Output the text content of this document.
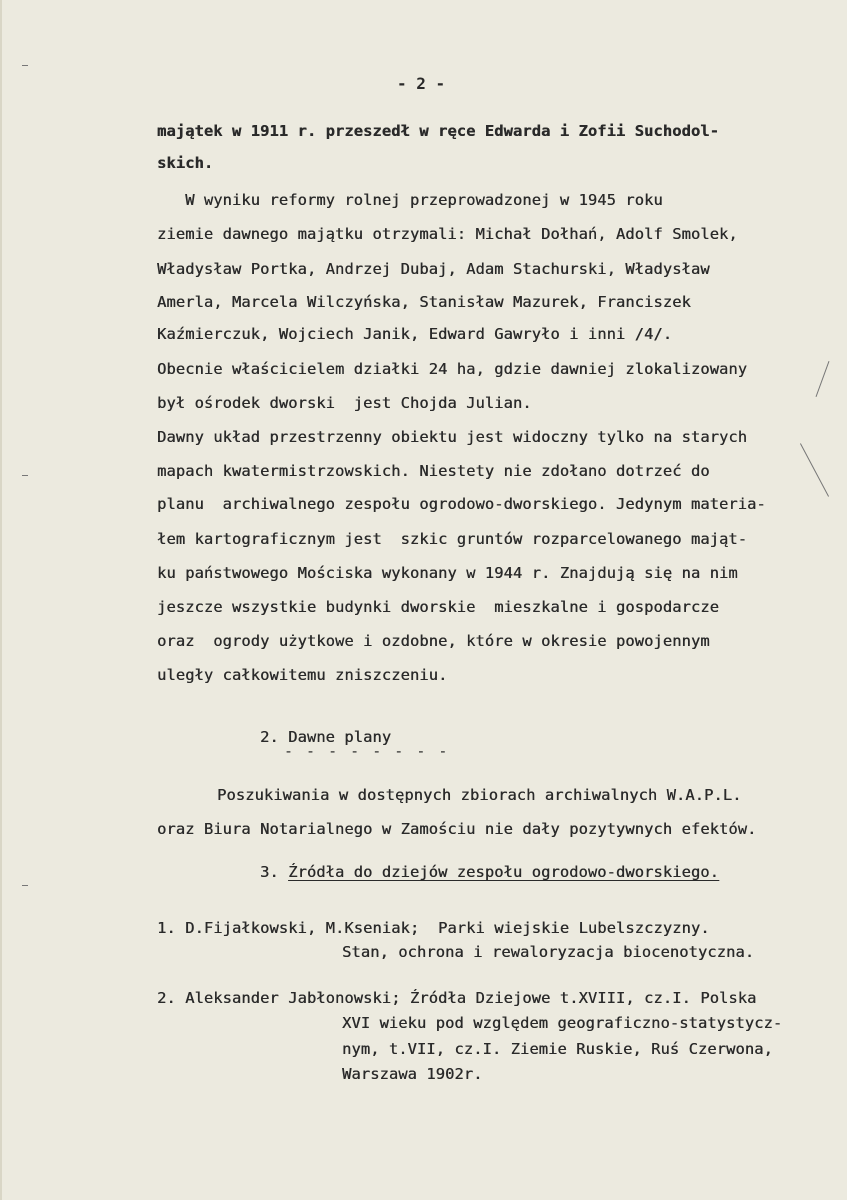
- 2 -
majątek w 1911 r. przeszedł w ręce Edwarda i Zofii Suchodol-
skich.
W wyniku reformy rolnej przeprowadzonej w 1945 roku
ziemie dawnego majątku otrzymali: Michał Dołhań, Adolf Smolek,
Władysław Portka, Andrzej Dubaj, Adam Stachurski, Władysław
Amerla, Marcela Wilczyńska, Stanisław Mazurek, Franciszek
Kaźmierczuk, Wojciech Janik, Edward Gawryło i inni /4/.
Obecnie właścicielem działki 24 ha, gdzie dawniej zlokalizowany
był ośrodek dworski  jest Chojda Julian.
Dawny układ przestrzenny obiektu jest widoczny tylko na starych
mapach kwatermistrzowskich. Niestety nie zdołano dotrzeć do
planu  archiwalnego zespołu ogrodowo-dworskiego. Jedynym materia-
łem kartograficznym jest  szkic gruntów rozparcelowanego mająt-
ku państwowego Mościska wykonany w 1944 r. Znajdują się na nim
jeszcze wszystkie budynki dworskie  mieszkalne i gospodarcze
oraz  ogrody użytkowe i ozdobne, które w okresie powojennym
uległy całkowitemu zniszczeniu.
2. Dawne plany
- - - - - - - -
Poszukiwania w dostępnych zbiorach archiwalnych W.A.P.L.
oraz Biura Notarialnego w Zamościu nie dały pozytywnych efektów.
3. Źródła do dziejów zespołu ogrodowo-dworskiego.
1. D.Fijałkowski, M.Kseniak;  Parki wiejskie Lubelszczyzny.
Stan, ochrona i rewaloryzacja biocenotyczna.
2. Aleksander Jabłonowski; Źródła Dziejowe t.XVIII, cz.I. Polska
XVI wieku pod względem geograficzno-statystycz-
nym, t.VII, cz.I. Ziemie Ruskie, Ruś Czerwona,
Warszawa 1902r.
